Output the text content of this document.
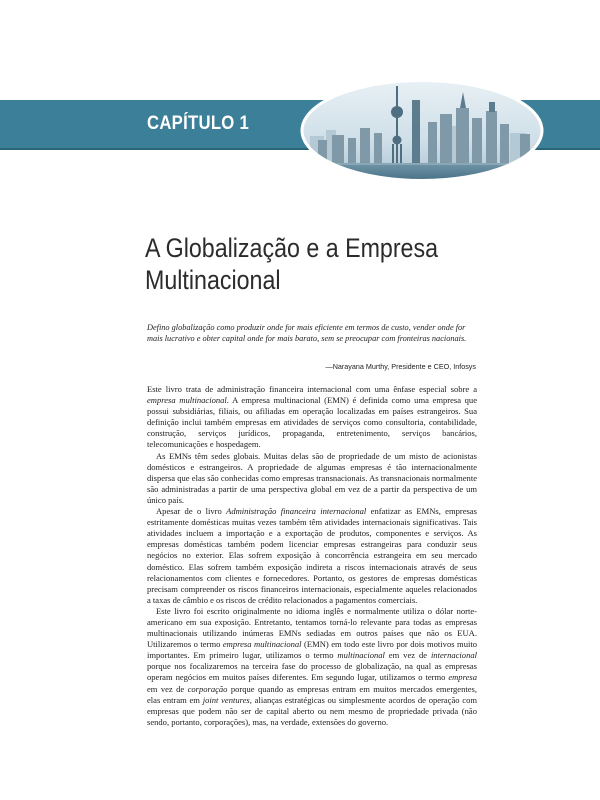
CAPÍTULO 1
A Globalização e a Empresa Multinacional
Defino globalização como produzir onde for mais eficiente em termos de custo, vender onde for mais lucrativo e obter capital onde for mais barato, sem se preocupar com fronteiras nacionais.
—Narayana Murthy, Presidente e CEO, Infosys

Este livro trata de administração financeira internacional com uma ênfase especial sobre a empresa multinacional. A empresa multinacional (EMN) é definida como uma empresa que possui subsidiárias, filiais, ou afiliadas em operação localizadas em países estrangeiros. Sua definição inclui também empresas em atividades de serviços como consultoria, contabilidade, construção, serviços jurídicos, propaganda, entretenimento, serviços bancários, telecomunicações e hospedagem.

As EMNs têm sedes globais. Muitas delas são de propriedade de um misto de acionistas domésticos e estrangeiros. A propriedade de algumas empresas é tão internacionalmente dispersa que elas são conhecidas como empresas transnacionais. As transnacionais normalmente são administradas a partir de uma perspectiva global em vez de a partir da perspectiva de um único país.

Apesar de o livro Administração financeira internacional enfatizar as EMNs, empresas estritamente domésticas muitas vezes também têm atividades internacionais significativas. Tais atividades incluem a importação e a exportação de produtos, componentes e serviços. As empresas domésticas também podem licenciar empresas estrangeiras para conduzir seus negócios no exterior. Elas sofrem exposição à concorrência estrangeira em seu mercado doméstico. Elas sofrem também exposição indireta a riscos internacionais através de seus relacionamentos com clientes e fornecedores. Portanto, os gestores de empresas domésticas precisam compreender os riscos financeiros internacionais, especialmente aqueles relacionados a taxas de câmbio e os riscos de crédito relacionados a pagamentos comerciais.

Este livro foi escrito originalmente no idioma inglês e normalmente utiliza o dólar norte-americano em sua exposição. Entretanto, tentamos torná-lo relevante para todas as empresas multinacionais utilizando inúmeras EMNs sediadas em outros países que não os EUA. Utilizaremos o termo empresa multinacional (EMN) em todo este livro por dois motivos muito importantes. Em primeiro lugar, utilizamos o termo multinacional em vez de internacional porque nos focalizaremos na terceira fase do processo de globalização, na qual as empresas operam negócios em muitos países diferentes. Em segundo lugar, utilizamos o termo empresa em vez de corporação porque quando as empresas entram em muitos mercados emergentes, elas entram em joint ventures, alianças estratégicas ou simplesmente acordos de operação com empresas que podem não ser de capital aberto ou nem mesmo de propriedade privada (não sendo, portanto, corporações), mas, na verdade, extensões do governo.
